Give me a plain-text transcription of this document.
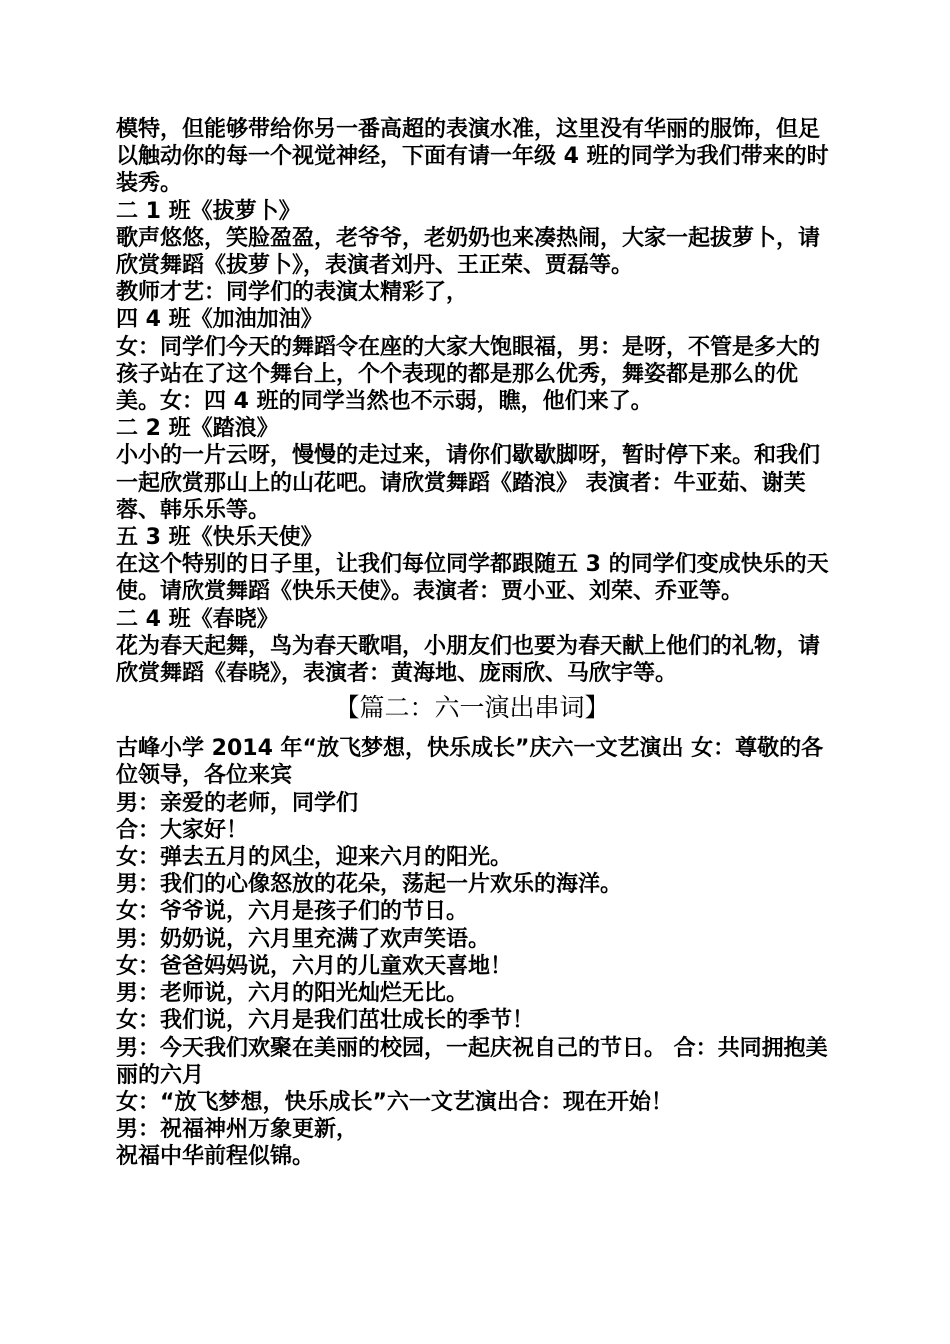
模特，但能够带给你另一番高超的表演水准，这里没有华丽的服饰，但足以触动你的每一个视觉神经，下面有请一年级 4 班的同学为我们带来的时装秀。

二 1 班《拔萝卜》

歌声悠悠，笑脸盈盈，老爷爷，老奶奶也来凑热闹，大家一起拔萝卜，请欣赏舞蹈《拔萝卜》，表演者刘丹、王正荣、贾磊等。

教师才艺：同学们的表演太精彩了，

四 4 班《加油加油》

女：同学们今天的舞蹈令在座的大家大饱眼福，男：是呀，不管是多大的孩子站在了这个舞台上，个个表现的都是那么优秀，舞姿都是那么的优美。女：四 4 班的同学当然也不示弱，瞧，他们来了。

二 2 班《踏浪》

小小的一片云呀，慢慢的走过来，请你们歇歇脚呀，暂时停下来。和我们一起欣赏那山上的山花吧。请欣赏舞蹈《踏浪》 表演者：牛亚茹、谢芙蓉、韩乐乐等。

五 3 班《快乐天使》

在这个特别的日子里，让我们每位同学都跟随五 3 的同学们变成快乐的天使。请欣赏舞蹈《快乐天使》。表演者：贾小亚、刘荣、乔亚等。

二 4 班《春晓》

花为春天起舞，鸟为春天歌唱，小朋友们也要为春天献上他们的礼物，请欣赏舞蹈《春晓》，表演者：黄海地、庞雨欣、马欣宇等。

【篇二：六一演出串词】

古峰小学 2014 年“放飞梦想，快乐成长”庆六一文艺演出 女：尊敬的各位领导，各位来宾

男：亲爱的老师，同学们

合：大家好！

女：弹去五月的风尘，迎来六月的阳光。

男：我们的心像怒放的花朵，荡起一片欢乐的海洋。

女：爷爷说，六月是孩子们的节日。

男：奶奶说，六月里充满了欢声笑语。

女：爸爸妈妈说，六月的儿童欢天喜地！

男：老师说，六月的阳光灿烂无比。

女：我们说，六月是我们茁壮成长的季节！

男：今天我们欢聚在美丽的校园，一起庆祝自己的节日。 合：共同拥抱美丽的六月

女：“放飞梦想，快乐成长”六一文艺演出合：现在开始！

男：祝福神州万象更新，

祝福中华前程似锦。
